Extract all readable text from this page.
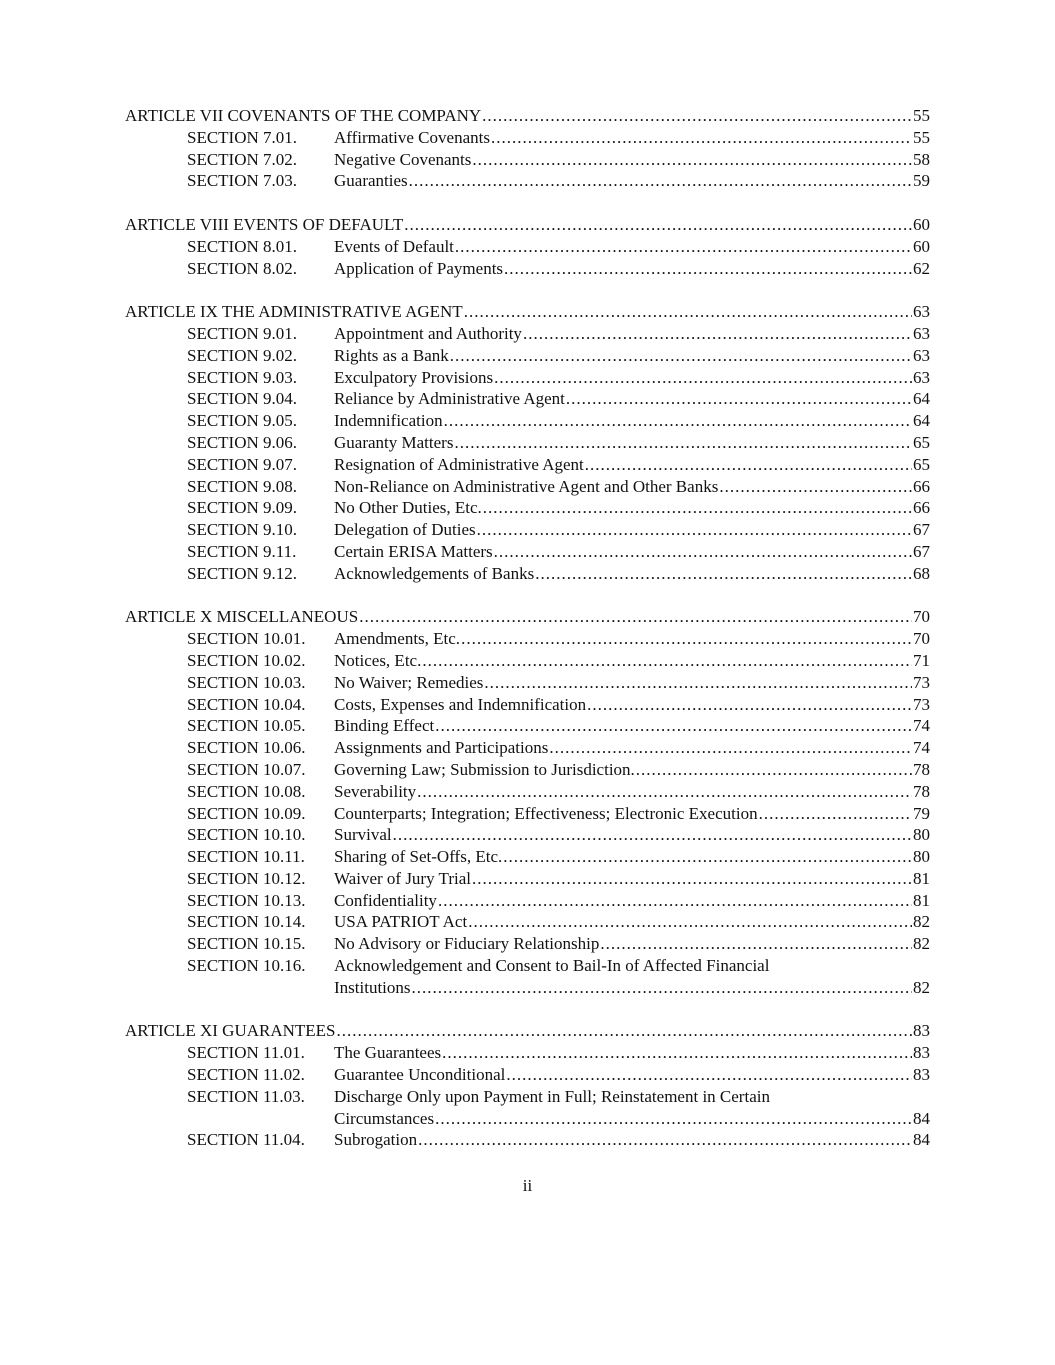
ARTICLE VII COVENANTS OF THE COMPANY .....	55
SECTION 7.01.	Affirmative Covenants .....	55
SECTION 7.02.	Negative Covenants .....	58
SECTION 7.03.	Guaranties .....	59
ARTICLE VIII EVENTS OF DEFAULT .....	60
SECTION 8.01.	Events of Default .....	60
SECTION 8.02.	Application of Payments .....	62
ARTICLE IX THE ADMINISTRATIVE AGENT .....	63
SECTION 9.01.	Appointment and Authority .....	63
SECTION 9.02.	Rights as a Bank .....	63
SECTION 9.03.	Exculpatory Provisions .....	63
SECTION 9.04.	Reliance by Administrative Agent .....	64
SECTION 9.05.	Indemnification .....	64
SECTION 9.06.	Guaranty Matters .....	65
SECTION 9.07.	Resignation of Administrative Agent .....	65
SECTION 9.08.	Non-Reliance on Administrative Agent and Other Banks .....	66
SECTION 9.09.	No Other Duties, Etc. .....	66
SECTION 9.10.	Delegation of Duties .....	67
SECTION 9.11.	Certain ERISA Matters .....	67
SECTION 9.12.	Acknowledgements of Banks .....	68
ARTICLE X MISCELLANEOUS .....	70
SECTION 10.01.	Amendments, Etc. .....	70
SECTION 10.02.	Notices, Etc. .....	71
SECTION 10.03.	No Waiver; Remedies .....	73
SECTION 10.04.	Costs, Expenses and Indemnification .....	73
SECTION 10.05.	Binding Effect .....	74
SECTION 10.06.	Assignments and Participations .....	74
SECTION 10.07.	Governing Law; Submission to Jurisdiction. .....	78
SECTION 10.08.	Severability .....	78
SECTION 10.09.	Counterparts; Integration; Effectiveness; Electronic Execution .....	79
SECTION 10.10.	Survival .....	80
SECTION 10.11.	Sharing of Set-Offs, Etc. .....	80
SECTION 10.12.	Waiver of Jury Trial .....	81
SECTION 10.13.	Confidentiality .....	81
SECTION 10.14.	USA PATRIOT Act .....	82
SECTION 10.15.	No Advisory or Fiduciary Relationship .....	82
SECTION 10.16.	Acknowledgement and Consent to Bail-In of Affected Financial
Institutions .....	82
ARTICLE XI GUARANTEES .....	83
SECTION 11.01.	The Guarantees .....	83
SECTION 11.02.	Guarantee Unconditional .....	83
SECTION 11.03.	Discharge Only upon Payment in Full; Reinstatement in Certain
Circumstances .....	84
SECTION 11.04.	Subrogation .....	84
ii
